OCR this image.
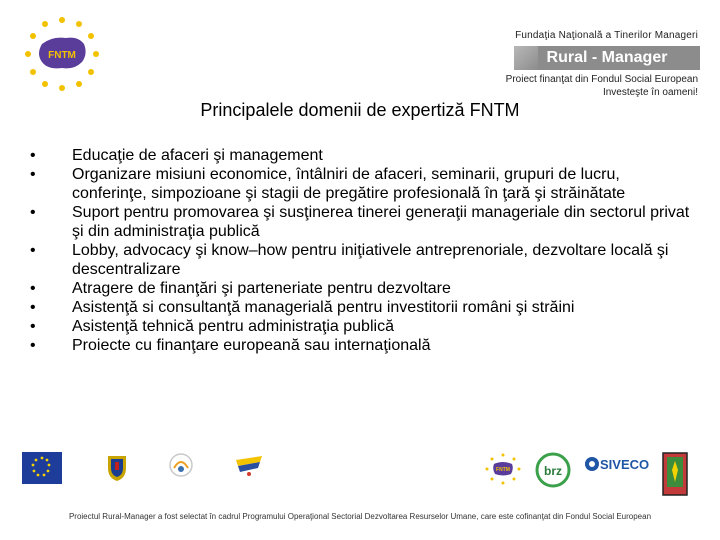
FNTM
Fundaţia Naţională a Tinerilor Manageri
Rural - Manager
Proiect finanţat din Fondul Social European
Investeşte în oameni!
Principalele domenii de expertiză FNTM
• Educaţie de afaceri şi management
• Organizare misiuni economice, întâlniri de afaceri, seminarii, grupuri de lucru, conferinţe, simpozioane şi stagii de pregătire profesională în ţară şi străinătate
• Suport pentru promovarea şi susţinerea tinerei generaţii manageriale din sectorul privat şi din administraţia publică
• Lobby, advocacy şi know–how pentru iniţiativele antreprenoriale, dezvoltare locală şi descentralizare
• Atragere de finanţări şi parteneriate pentru dezvoltare
• Asistenţă si consultanţă managerială pentru investitorii români şi străini
• Asistenţă tehnică pentru administraţia publică
• Proiecte cu finanţare europeană sau internaţională
FNTM	brz	SIVECO
Proiectul Rural-Manager a fost selectat în cadrul Programului Operaţional Sectorial Dezvoltarea Resurselor Umane, care este cofinanţat din Fondul Social European
